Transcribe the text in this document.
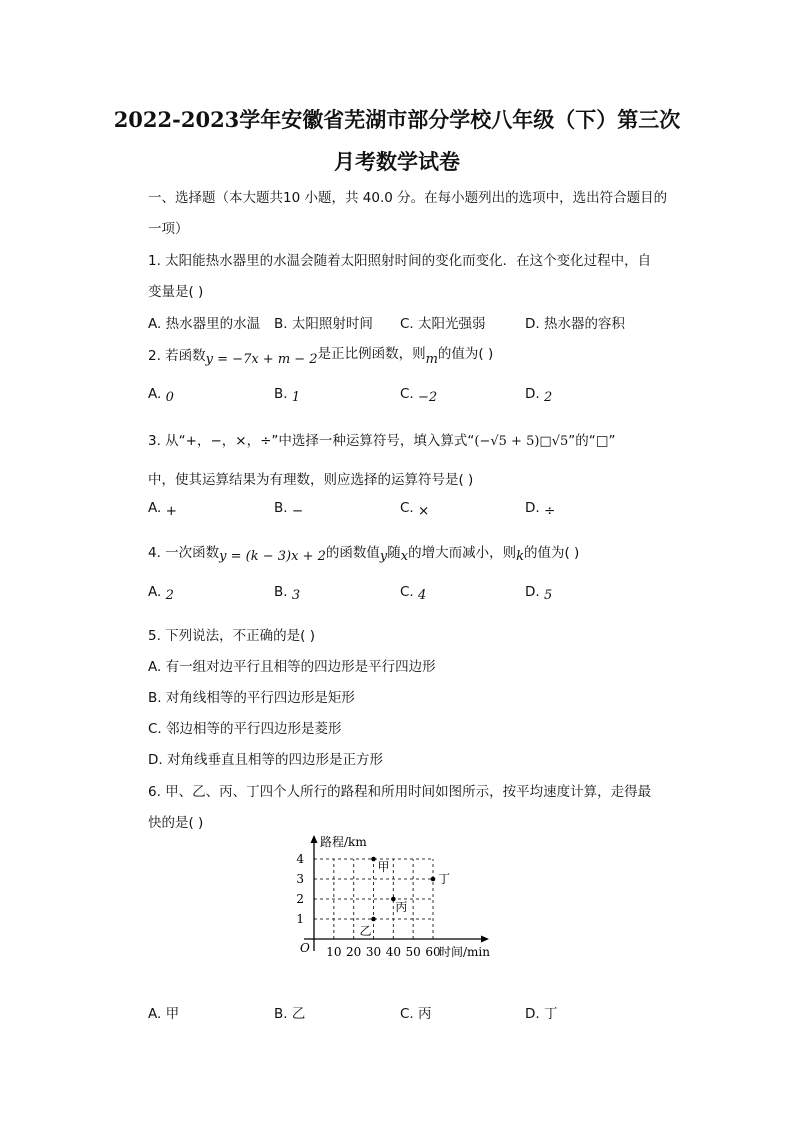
2022-2023学年安徽省芜湖市部分学校八年级（下）第三次
月考数学试卷
一、选择题（本大题共10 小题，共 40.0 分。在每小题列出的选项中，选出符合题目的
一项）
1. 太阳能热水器里的水温会随着太阳照射时间的变化而变化．在这个变化过程中，自
变量是( )
A. 热水器里的水温 B. 太阳照射时间 C. 太阳光强弱	D. 热水器的容积
2. 若函数y = −7x + m − 2是正比例函数，则m的值为( )
A. 0	B. 1	C. −2	D. 2
3. 从“+，−，×，÷”中选择一种运算符号，填入算式“(−√5 + 5)□√5”的“□”
中，使其运算结果为有理数，则应选择的运算符号是( )
A. +	B. −	C. ×	D. ÷
4. 一次函数y = (k − 3)x + 2的函数值y随x的增大而减小，则k的值为( )
A. 2	B. 3	C. 4	D. 5
5. 下列说法，不正确的是( )
A. 有一组对边平行且相等的四边形是平行四边形
B. 对角线相等的平行四边形是矩形
C. 邻边相等的平行四边形是菱形
D. 对角线垂直且相等的四边形是正方形
6. 甲、乙、丙、丁四个人所行的路程和所用时间如图所示，按平均速度计算，走得最
快的是( )
10 20 30 40 50 60
1
2
3
4
甲
乙
丙
丁
路程/km
时间/min
O
A. 甲	B. 乙	C. 丙	D. 丁
